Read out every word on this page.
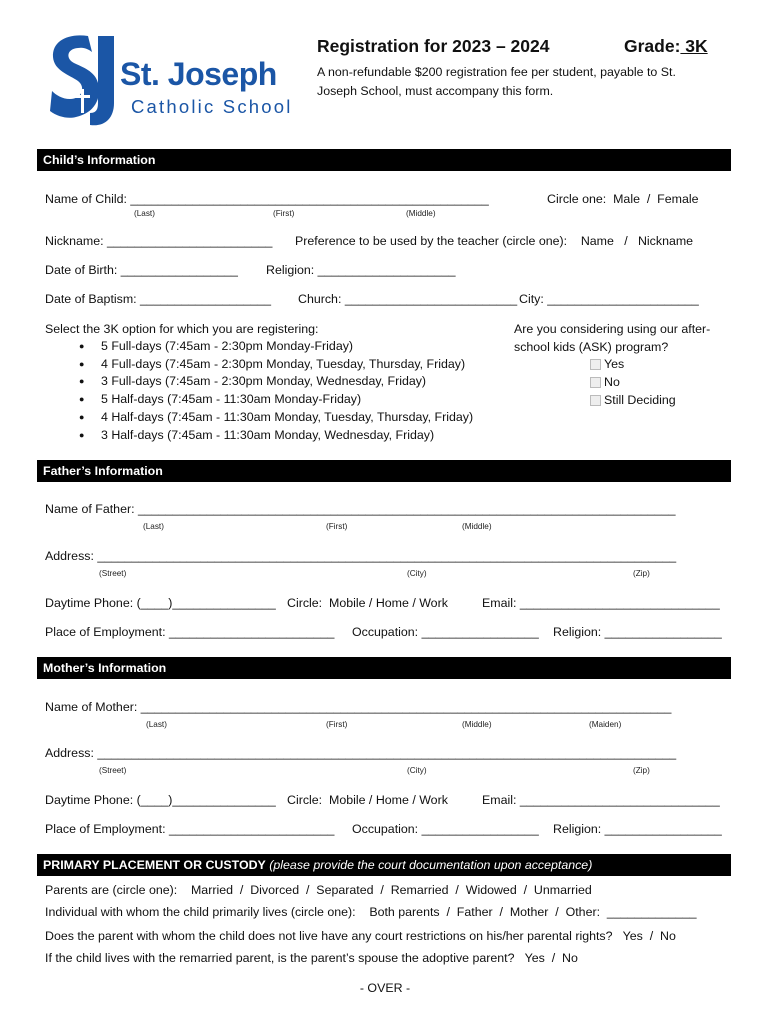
St. Joseph
Catholic School
Registration for 2023 – 2024	Grade: 3K
A non-refundable $200 registration fee per student, payable to St. Joseph School, must accompany this form.
Child’s Information
Name of Child: ____________________________________________________	Circle one:  Male  /  Female
(Last)	(First)	(Middle)
Nickname: ________________________ Preference to be used by the teacher (circle one):    Name   /   Nickname
Date of Birth: _________________ Religion: ____________________
Date of Baptism: ___________________ Church: _________________________ City: ______________________
Select the 3K option for which you are registering:
● 5 Full-days (7:45am - 2:30pm Monday-Friday)
● 4 Full-days (7:45am - 2:30pm Monday, Tuesday, Thursday, Friday)
● 3 Full-days (7:45am - 2:30pm Monday, Wednesday, Friday)
● 5 Half-days (7:45am - 11:30am Monday-Friday)
● 4 Half-days (7:45am - 11:30am Monday, Tuesday, Thursday, Friday)
● 3 Half-days (7:45am - 11:30am Monday, Wednesday, Friday)
Are you considering using our after-school kids (ASK) program?
Yes
No
Still Deciding
Father’s Information
Name of Father: ______________________________________________________________________________
(Last)	(First)	(Middle)
Address: ____________________________________________________________________________________
(Street)	(City)	(Zip)
Daytime Phone: (____)_______________ Circle:  Mobile / Home / Work	Email: _____________________________
Place of Employment: ________________________ Occupation: _________________ Religion: _________________
Mother’s Information
Name of Mother: _____________________________________________________________________________
(Last)	(First)	(Middle)	(Maiden)
Address: ____________________________________________________________________________________
(Street)	(City)	(Zip)
Daytime Phone: (____)_______________ Circle:  Mobile / Home / Work	Email: _____________________________
Place of Employment: ________________________ Occupation: _________________ Religion: _________________
PRIMARY PLACEMENT OR CUSTODY (please provide the court documentation upon acceptance)
Parents are (circle one):    Married  /  Divorced  /  Separated  /  Remarried  /  Widowed  /  Unmarried
Individual with whom the child primarily lives (circle one):    Both parents  /  Father  /  Mother  /  Other:  _____________
Does the parent with whom the child does not live have any court restrictions on his/her parental rights?   Yes  /  No
If the child lives with the remarried parent, is the parent’s spouse the adoptive parent?   Yes  /  No
- OVER -
